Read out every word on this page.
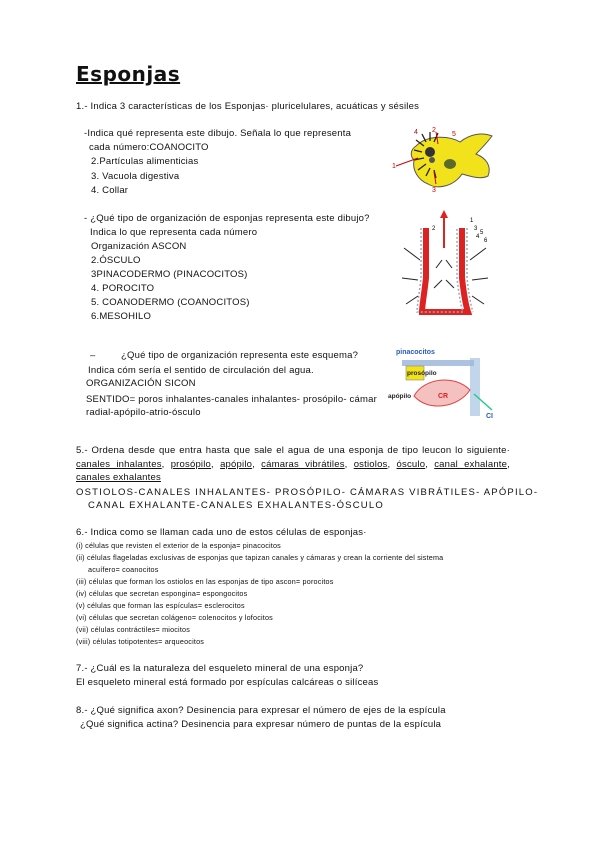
Esponjas
1.- Indica 3 características de los Esponjas· pluricelulares, acuáticas y sésiles
-Indica qué representa este dibujo. Señala lo que representa
cada número:COANOCITO
2.Partículas alimenticias
3. Vacuola digestiva
4. Collar
1
2
3
4	5
- ¿Qué tipo de organización de esponjas representa este dibujo?
Indica lo que representa cada número
Organización ASCON
2.ÓSCULO
3PINACODERMO (PINACOCITOS)
4. POROCITO
5. COANODERMO (COANOCITOS)
6.MESOHILO
2	3
4
6
1
5
–	¿Qué tipo de organización representa este esquema?
Indica cóm sería el sentido de circulación del agua.
ORGANIZACIÓN SICON
SENTIDO= poros inhalantes-canales inhalantes- prosópilo- cámar
radial-apópilo-atrio-ósculo
pinacocitos
prosópilo
apópilo	CR
CI
5.- Ordena desde que entra hasta que sale el agua de una esponja de tipo leucon lo siguiente· canales inhalantes, prosópilo, apópilo, cámaras vibrátiles, ostiolos, ósculo, canal exhalante, canales exhalantes
OSTIOLOS-CANALES INHALANTES- PROSÓPILO- CÁMARAS VIBRÁTILES- APÓPILO-
CANAL EXHALANTE-CANALES EXHALANTES-ÓSCULO
6.- Indica como se llaman cada uno de estos células de esponjas·
(i) células que revisten el exterior de la esponja= pinacocitos
(ii) células flageladas exclusivas de esponjas que tapizan canales y cámaras y crean la corriente del sistema
acuífero= coanocitos
(iii) células que forman los ostiolos en las esponjas de tipo ascon= porocitos
(iv) células que secretan espongina= espongocitos
(v) células que forman las espículas= esclerocitos
(vi) células que secretan colágeno= colenocitos y lofocitos
(vii) células contráctiles= miocitos
(viii) células totipotentes= arqueocitos
7.- ¿Cuál es la naturaleza del esqueleto mineral de una esponja?
El esqueleto mineral está formado por espículas calcáreas o silíceas
8.- ¿Qué significa axon? Desinencia para expresar el número de ejes de la espícula
¿Qué significa actina? Desinencia para expresar número de puntas de la espícula
